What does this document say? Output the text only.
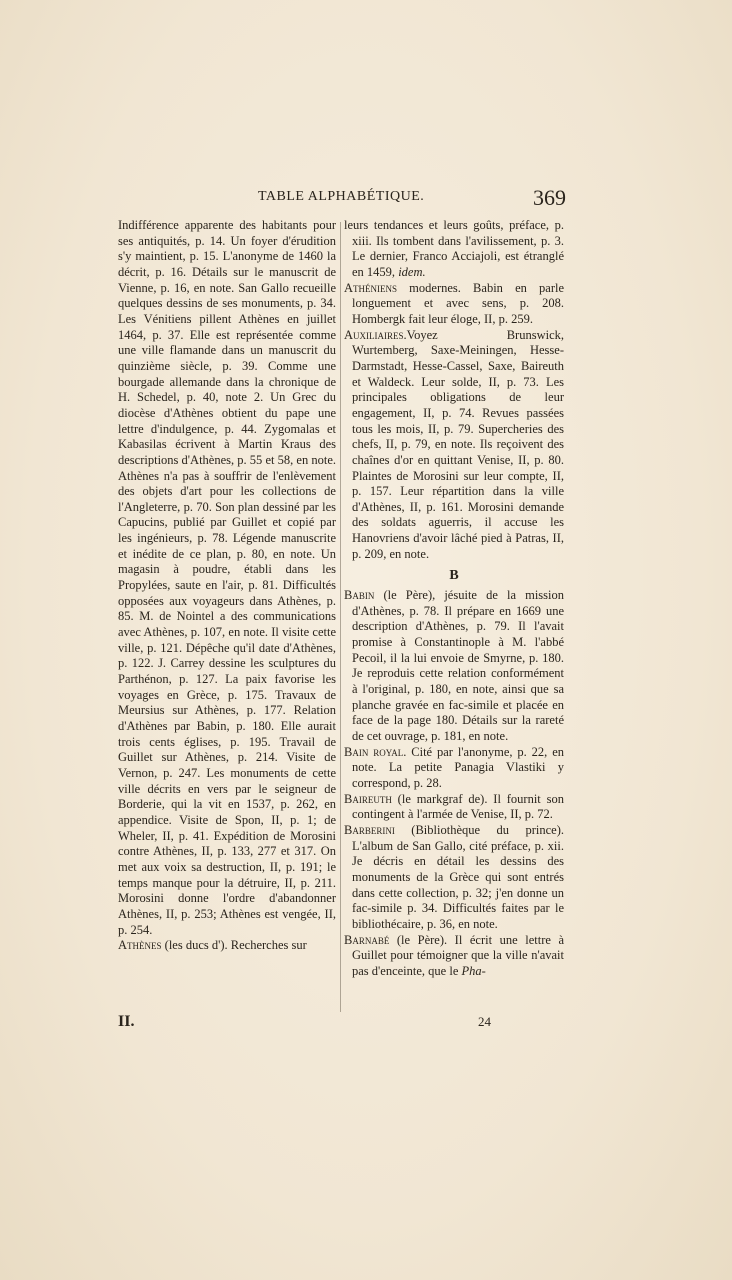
TABLE ALPHABÉTIQUE.	369

Indifférence apparente des habitants pour ses antiquités, p. 14. Un foyer d'érudition s'y maintient, p. 15. L'anonyme de 1460 la décrit, p. 16. Détails sur le manuscrit de Vienne, p. 16, en note. San Gallo recueille quelques dessins de ses monuments, p. 34. Les Vénitiens pillent Athènes en juillet 1464, p. 37. Elle est représentée comme une ville flamande dans un manuscrit du quinzième siècle, p. 39. Comme une bourgade allemande dans la chronique de H. Schedel, p. 40, note 2. Un Grec du diocèse d'Athènes obtient du pape une lettre d'indulgence, p. 44. Zygomalas et Kabasilas écrivent à Martin Kraus des descriptions d'Athènes, p. 55 et 58, en note. Athènes n'a pas à souffrir de l'enlèvement des objets d'art pour les collections de l'Angleterre, p. 70. Son plan dessiné par les Capucins, publié par Guillet et copié par les ingénieurs, p. 78. Légende manuscrite et inédite de ce plan, p. 80, en note. Un magasin à poudre, établi dans les Propylées, saute en l'air, p. 81. Difficultés opposées aux voyageurs dans Athènes, p. 85. M. de Nointel a des communications avec Athènes, p. 107, en note. Il visite cette ville, p. 121. Dépêche qu'il date d'Athènes, p. 122. J. Carrey dessine les sculptures du Parthénon, p. 127. La paix favorise les voyages en Grèce, p. 175. Travaux de Meursius sur Athènes, p. 177. Relation d'Athènes par Babin, p. 180. Elle aurait trois cents églises, p. 195. Travail de Guillet sur Athènes, p. 214. Visite de Vernon, p. 247. Les monuments de cette ville décrits en vers par le seigneur de Borderie, qui la vit en 1537, p. 262, en appendice. Visite de Spon, II, p. 1; de Wheler, II, p. 41. Expédition de Morosini contre Athènes, II, p. 133, 277 et 317. On met aux voix sa destruction, II, p. 191; le temps manque pour la détruire, II, p. 211. Morosini donne l'ordre d'abandonner Athènes, II, p. 253; Athènes est vengée, II, p. 254.

Athènes (les ducs d'). Recherches sur

leurs tendances et leurs goûts, préface, p. xiii. Ils tombent dans l'avilissement, p. 3. Le dernier, Franco Acciajoli, est étranglé en 1459, idem.

Athéniens modernes. Babin en parle longuement et avec sens, p. 208. Hombergk fait leur éloge, II, p. 259.

Auxiliaires.Voyez Brunswick, Wurtemberg, Saxe-Meiningen, Hesse-Darmstadt, Hesse-Cassel, Saxe, Baireuth et Waldeck. Leur solde, II, p. 73. Les principales obligations de leur engagement, II, p. 74. Revues passées tous les mois, II, p. 79. Supercheries des chefs, II, p. 79, en note. Ils reçoivent des chaînes d'or en quittant Venise, II, p. 80. Plaintes de Morosini sur leur compte, II, p. 157. Leur répartition dans la ville d'Athènes, II, p. 161. Morosini demande des soldats aguerris, il accuse les Hanovriens d'avoir lâché pied à Patras, II, p. 209, en note.

B

Babin (le Père), jésuite de la mission d'Athènes, p. 78. Il prépare en 1669 une description d'Athènes, p. 79. Il l'avait promise à Constantinople à M. l'abbé Pecoil, il la lui envoie de Smyrne, p. 180. Je reproduis cette relation conformément à l'original, p. 180, en note, ainsi que sa planche gravée en fac-simile et placée en face de la page 180. Détails sur la rareté de cet ouvrage, p. 181, en note.

Bain royal. Cité par l'anonyme, p. 22, en note. La petite Panagia Vlastiki y correspond, p. 28.

Baireuth (le markgraf de). Il fournit son contingent à l'armée de Venise, II, p. 72.

Barberini (Bibliothèque du prince). L'album de San Gallo, cité préface, p. xii. Je décris en détail les dessins des monuments de la Grèce qui sont entrés dans cette collection, p. 32; j'en donne un fac-simile p. 34. Difficultés faites par le bibliothécaire, p. 36, en note.

Barnabé (le Père). Il écrit une lettre à Guillet pour témoigner que la ville n'avait pas d'enceinte, que le Pha-

II.	24
